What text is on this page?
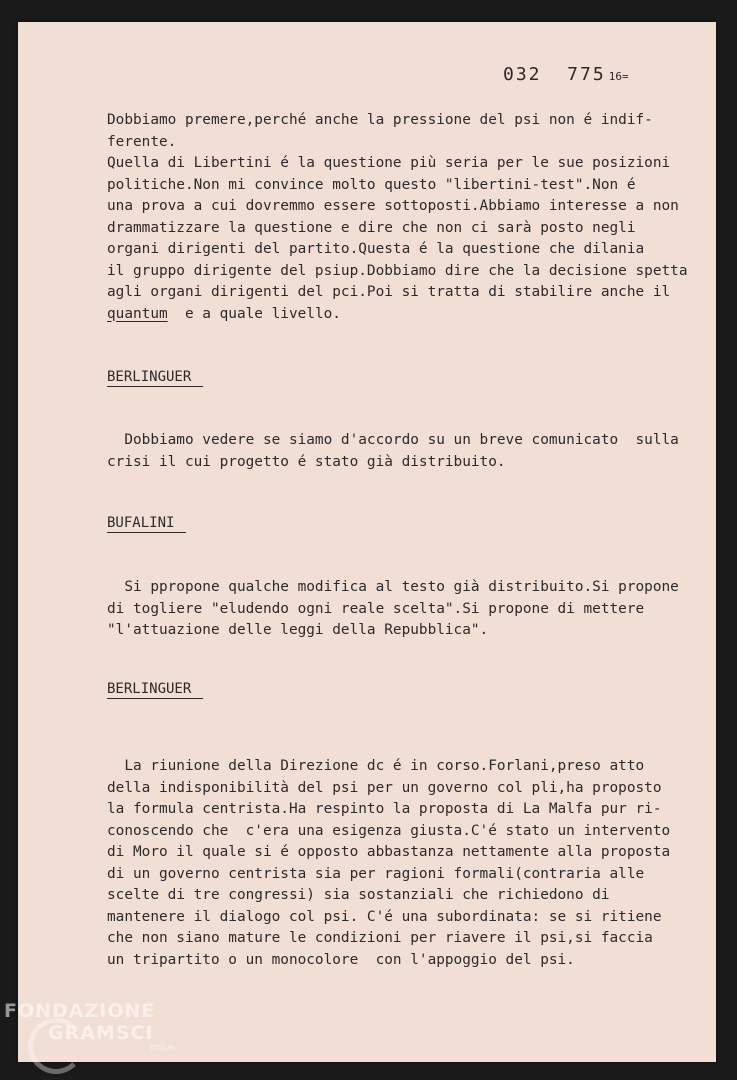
032  775 16=
Dobbiamo premere,perché anche la pressione del psi non é indif-
ferente.
Quella di Libertini é la questione più seria per le sue posizioni
politiche.Non mi convince molto questo "libertini-test".Non é
una prova a cui dovremmo essere sottoposti.Abbiamo interesse a non
drammatizzare la questione e dire che non ci sarà posto negli
organi dirigenti del partito.Questa é la questione che dilania
il gruppo dirigente del psiup.Dobbiamo dire che la decisione spetta
agli organi dirigenti del pci.Poi si tratta di stabilire anche il
quantum  e a quale livello.
BERLINGUER
Dobbiamo vedere se siamo d'accordo su un breve comunicato  sulla
crisi il cui progetto é stato già distribuito.
BUFALINI
Si ppropone qualche modifica al testo già distribuito.Si propone
di togliere "eludendo ogni reale scelta".Si propone di mettere
"l'attuazione delle leggi della Repubblica".
BERLINGUER
La riunione della Direzione dc é in corso.Forlani,preso atto
della indisponibilità del psi per un governo col pli,ha proposto
la formula centrista.Ha respinto la proposta di La Malfa pur ri-
conoscendo che  c'era una esigenza giusta.C'é stato un intervento
di Moro il quale si é opposto abbastanza nettamente alla proposta
di un governo centrista sia per ragioni formali(contraria alle
scelte di tre congressi) sia sostanziali che richiedono di
mantenere il dialogo col psi. C'é una subordinata: se si ritiene
che non siano mature le condizioni per riavere il psi,si faccia
un tripartito o un monocolore  con l'appoggio del psi.
FONDAZIONE
GRAMSCI
onlus
